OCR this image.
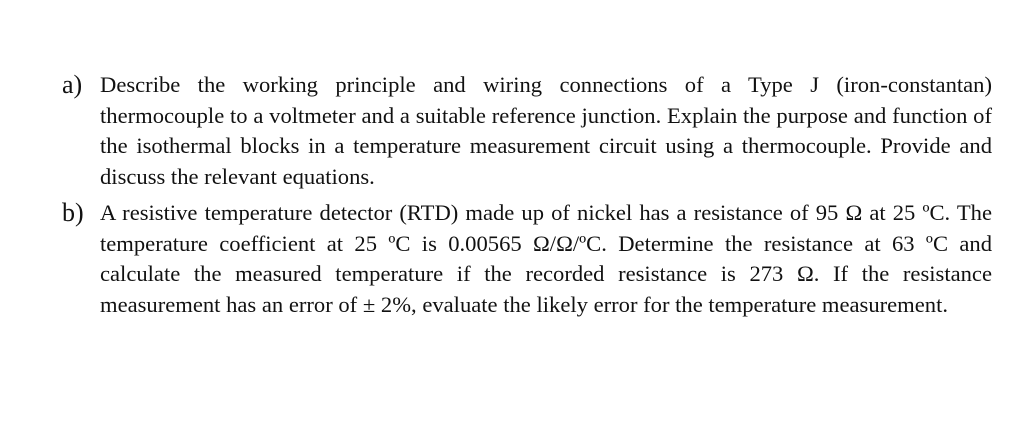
a) Describe the working principle and wiring connections of a Type J (iron-constantan) thermocouple to a voltmeter and a suitable reference junction. Explain the purpose and function of the isothermal blocks in a temperature measurement circuit using a thermocouple. Provide and discuss the relevant equations.
b) A resistive temperature detector (RTD) made up of nickel has a resistance of 95 Ω at 25 ºC. The temperature coefficient at 25 ºC is 0.00565 Ω/Ω/ºC. Determine the resistance at 63 ºC and calculate the measured temperature if the recorded resistance is 273 Ω. If the resistance measurement has an error of ± 2%, evaluate the likely error for the temperature measurement.
